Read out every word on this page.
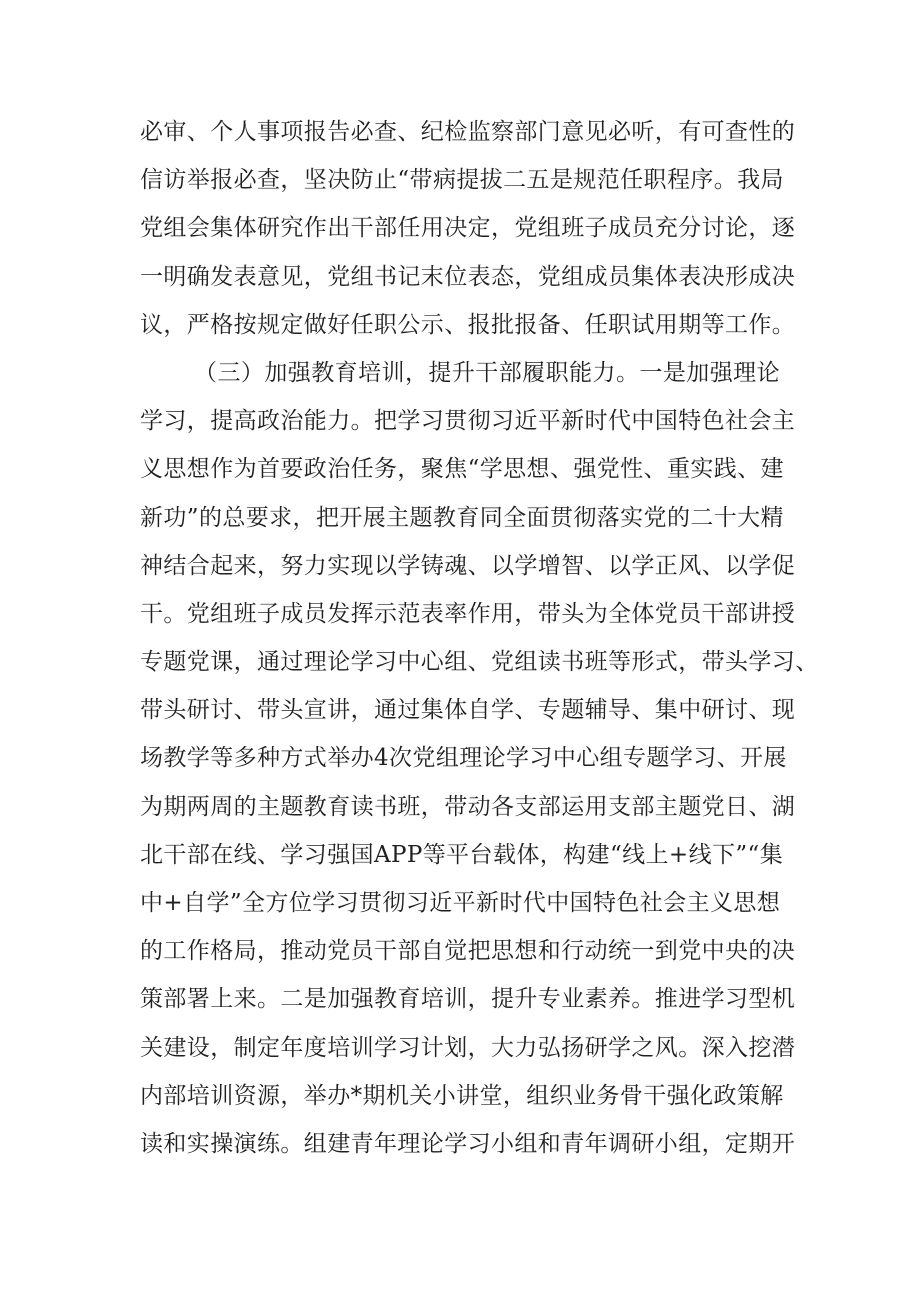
必审、个人事项报告必查、纪检监察部门意见必听，有可查性的
信访举报必查，坚决防止“带病提拔二五是规范任职程序。我局
党组会集体研究作出干部任用决定，党组班子成员充分讨论，逐
一明确发表意见，党组书记末位表态，党组成员集体表决形成决
议，严格按规定做好任职公示、报批报备、任职试用期等工作。
（三）加强教育培训，提升干部履职能力。一是加强理论
学习，提高政治能力。把学习贯彻习近平新时代中国特色社会主
义思想作为首要政治任务，聚焦“学思想、强党性、重实践、建
新功”的总要求，把开展主题教育同全面贯彻落实党的二十大精
神结合起来，努力实现以学铸魂、以学增智、以学正风、以学促
干。党组班子成员发挥示范表率作用，带头为全体党员干部讲授
专题党课，通过理论学习中心组、党组读书班等形式，带头学习、
带头研讨、带头宣讲，通过集体自学、专题辅导、集中研讨、现
场教学等多种方式举办4次党组理论学习中心组专题学习、开展
为期两周的主题教育读书班，带动各支部运用支部主题党日、湖
北干部在线、学习强国APP等平台载体，构建“线上+线下”“集
中+自学”全方位学习贯彻习近平新时代中国特色社会主义思想
的工作格局，推动党员干部自觉把思想和行动统一到党中央的决
策部署上来。二是加强教育培训，提升专业素养。推进学习型机
关建设，制定年度培训学习计划，大力弘扬研学之风。深入挖潜
内部培训资源，举办*期机关小讲堂，组织业务骨干强化政策解
读和实操演练。组建青年理论学习小组和青年调研小组，定期开
